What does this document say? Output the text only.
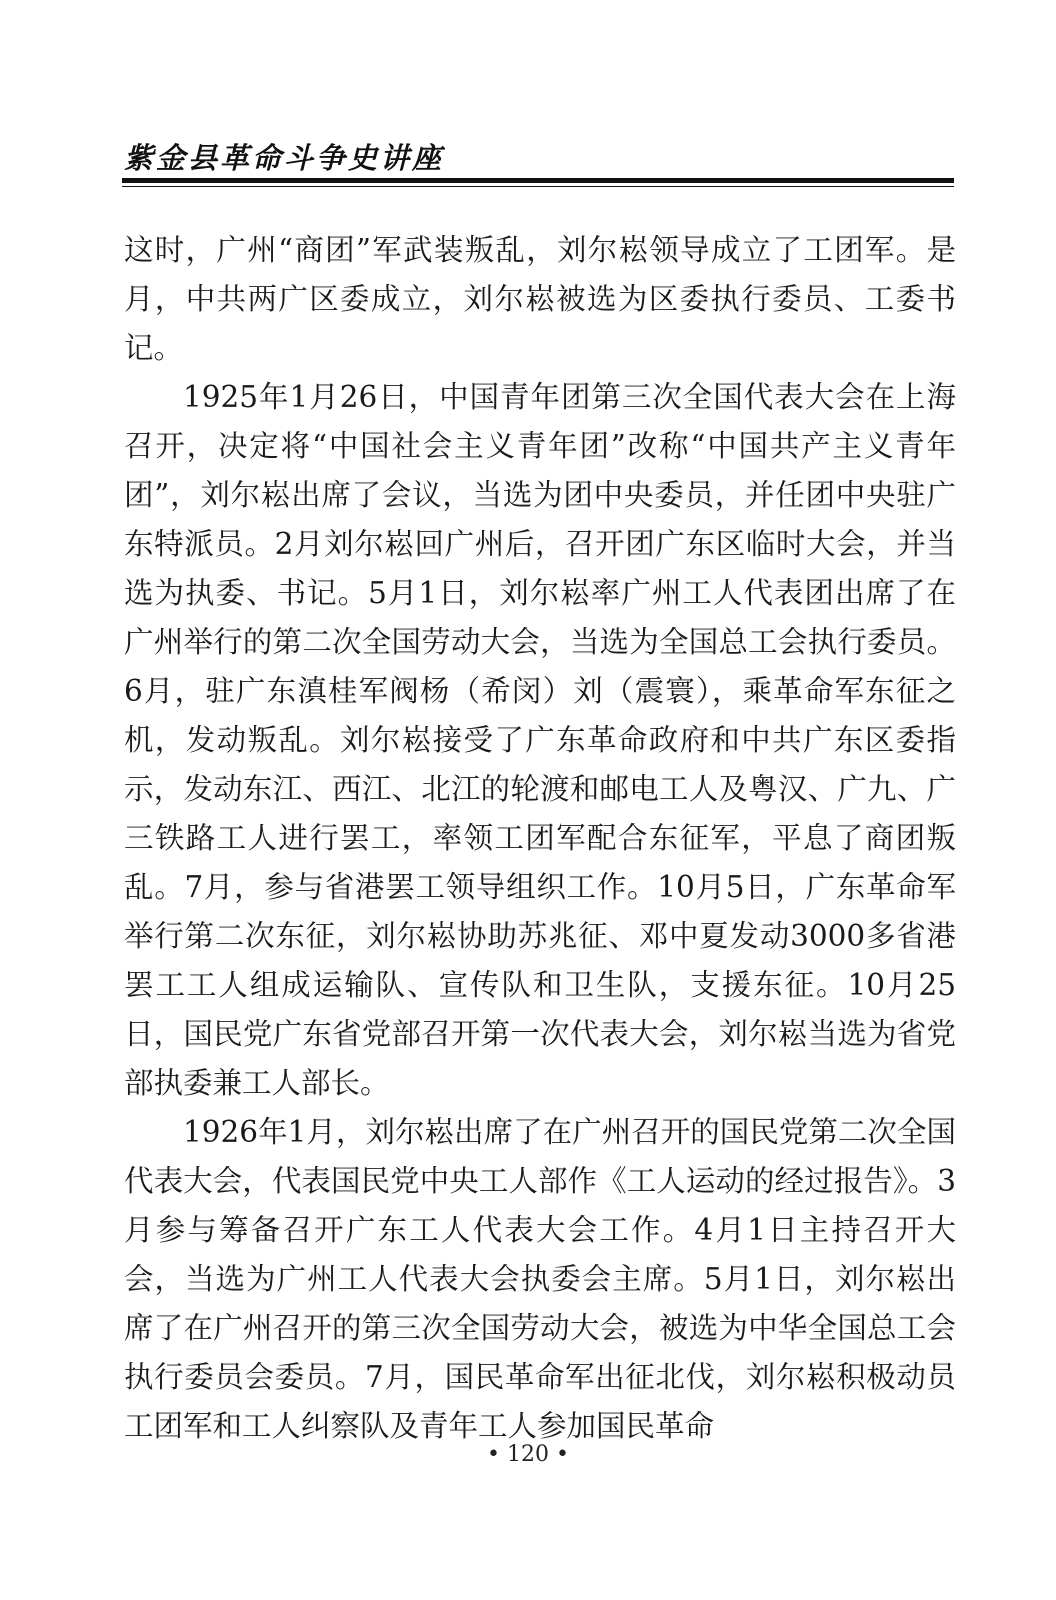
紫金县革命斗争史讲座

这时，广州“商团”军武装叛乱，刘尔崧领导成立了工团军。是月，中共两广区委成立，刘尔崧被选为区委执行委员、工委书记。

1925年1月26日，中国青年团第三次全国代表大会在上海召开，决定将“中国社会主义青年团”改称“中国共产主义青年团”，刘尔崧出席了会议，当选为团中央委员，并任团中央驻广东特派员。2月刘尔崧回广州后，召开团广东区临时大会，并当选为执委、书记。5月1日，刘尔崧率广州工人代表团出席了在广州举行的第二次全国劳动大会，当选为全国总工会执行委员。6月，驻广东滇桂军阀杨（希闵）刘（震寰），乘革命军东征之机，发动叛乱。刘尔崧接受了广东革命政府和中共广东区委指示，发动东江、西江、北江的轮渡和邮电工人及粤汉、广九、广三铁路工人进行罢工，率领工团军配合东征军，平息了商团叛乱。7月，参与省港罢工领导组织工作。10月5日，广东革命军举行第二次东征，刘尔崧协助苏兆征、邓中夏发动3000多省港罢工工人组成运输队、宣传队和卫生队，支援东征。10月25日，国民党广东省党部召开第一次代表大会，刘尔崧当选为省党部执委兼工人部长。

1926年1月，刘尔崧出席了在广州召开的国民党第二次全国代表大会，代表国民党中央工人部作《工人运动的经过报告》。3月参与筹备召开广东工人代表大会工作。4月1日主持召开大会，当选为广州工人代表大会执委会主席。5月1日，刘尔崧出席了在广州召开的第三次全国劳动大会，被选为中华全国总工会执行委员会委员。7月，国民革命军出征北伐，刘尔崧积极动员工团军和工人纠察队及青年工人参加国民革命

• 120 •
